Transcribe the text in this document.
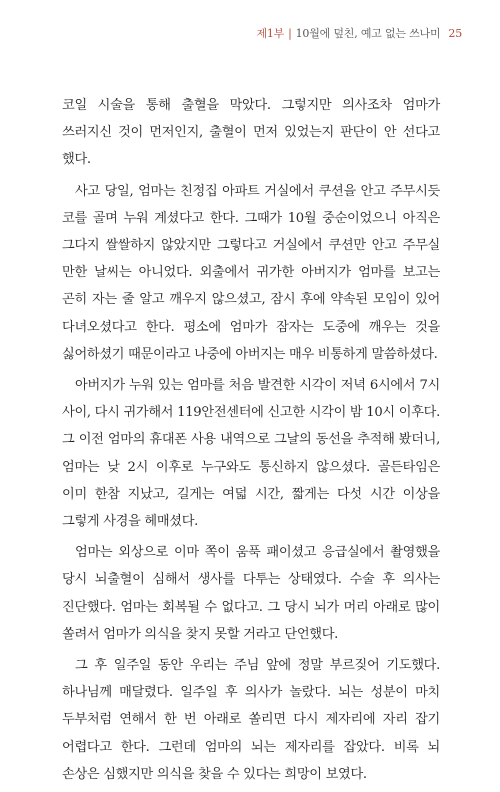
제1부 | 10월에 덮친, 예고 없는 쓰나미 25

코일 시술을 통해 출혈을 막았다. 그렇지만 의사조차 엄마가 쓰러지신 것이 먼저인지, 출혈이 먼저 있었는지 판단이 안 선다고 했다.

사고 당일, 엄마는 친정집 아파트 거실에서 쿠션을 안고 주무시듯 코를 골며 누워 계셨다고 한다. 그때가 10월 중순이었으니 아직은 그다지 쌀쌀하지 않았지만 그렇다고 거실에서 쿠션만 안고 주무실 만한 날씨는 아니었다. 외출에서 귀가한 아버지가 엄마를 보고는 곤히 자는 줄 알고 깨우지 않으셨고, 잠시 후에 약속된 모임이 있어 다녀오셨다고 한다. 평소에 엄마가 잠자는 도중에 깨우는 것을 싫어하셨기 때문이라고 나중에 아버지는 매우 비통하게 말씀하셨다.

아버지가 누워 있는 엄마를 처음 발견한 시각이 저녁 6시에서 7시 사이, 다시 귀가해서 119안전센터에 신고한 시각이 밤 10시 이후다. 그 이전 엄마의 휴대폰 사용 내역으로 그날의 동선을 추적해 봤더니, 엄마는 낮 2시 이후로 누구와도 통신하지 않으셨다. 골든타임은 이미 한참 지났고, 길게는 여덟 시간, 짧게는 다섯 시간 이상을 그렇게 사경을 헤매셨다.

엄마는 외상으로 이마 쪽이 움푹 패이셨고 응급실에서 촬영했을 당시 뇌출혈이 심해서 생사를 다투는 상태였다. 수술 후 의사는 진단했다. 엄마는 회복될 수 없다고. 그 당시 뇌가 머리 아래로 많이 쏠려서 엄마가 의식을 찾지 못할 거라고 단언했다.

그 후 일주일 동안 우리는 주님 앞에 정말 부르짖어 기도했다. 하나님께 매달렸다. 일주일 후 의사가 놀랐다. 뇌는 성분이 마치 두부처럼 연해서 한 번 아래로 쏠리면 다시 제자리에 자리 잡기 어렵다고 한다. 그런데 엄마의 뇌는 제자리를 잡았다. 비록 뇌 손상은 심했지만 의식을 찾을 수 있다는 희망이 보였다.
